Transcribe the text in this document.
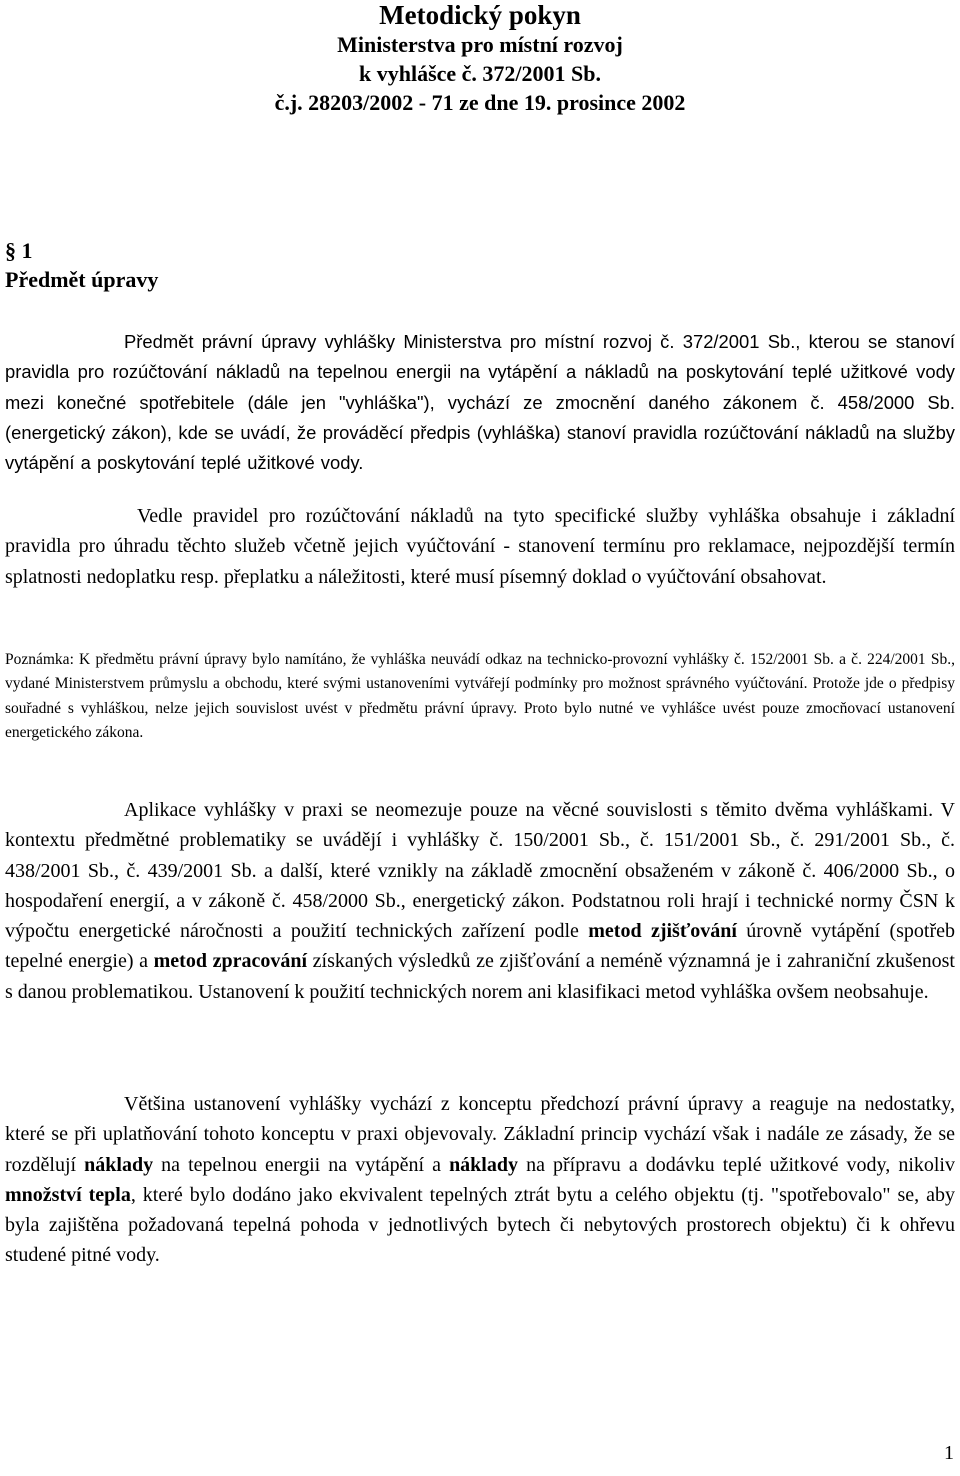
Metodický pokyn
Ministerstva pro místní rozvoj
k vyhlášce č. 372/2001 Sb.
č.j. 28203/2002 - 71 ze dne 19. prosince 2002
§ 1
Předmět úpravy

Předmět právní úpravy vyhlášky Ministerstva pro místní rozvoj č. 372/2001 Sb., kterou se stanoví pravidla pro rozúčtování nákladů na tepelnou energii na vytápění a nákladů na poskytování teplé užitkové vody mezi konečné spotřebitele (dále jen "vyhláška"), vychází ze zmocnění daného zákonem č. 458/2000 Sb. (energetický zákon), kde se uvádí, že prováděcí předpis (vyhláška) stanoví pravidla rozúčtování nákladů na služby vytápění a poskytování teplé užitkové vody.

Vedle pravidel pro rozúčtování nákladů na tyto specifické služby vyhláška obsahuje i základní pravidla pro úhradu těchto služeb včetně jejich vyúčtování - stanovení termínu pro reklamace, nejpozdější termín splatnosti nedoplatku resp. přeplatku a náležitosti, které musí písemný doklad o vyúčtování obsahovat.

Poznámka: K předmětu právní úpravy bylo namítáno, že vyhláška neuvádí odkaz na technicko-provozní vyhlášky č. 152/2001 Sb. a č. 224/2001 Sb., vydané Ministerstvem průmyslu a obchodu, které svými ustanoveními vytvářejí podmínky pro možnost správného vyúčtování. Protože jde o předpisy souřadné s vyhláškou, nelze jejich souvislost uvést v předmětu právní úpravy. Proto bylo nutné ve vyhlášce uvést pouze zmocňovací ustanovení energetického zákona.

Aplikace vyhlášky v praxi se neomezuje pouze na věcné souvislosti s těmito dvěma vyhláškami. V kontextu předmětné problematiky se uvádějí i vyhlášky č. 150/2001 Sb., č. 151/2001 Sb., č. 291/2001 Sb., č. 438/2001 Sb., č. 439/2001 Sb. a další, které vznikly na základě zmocnění obsaženém v zákoně č. 406/2000 Sb., o hospodaření energií, a v zákoně č. 458/2000 Sb., energetický zákon. Podstatnou roli hrají i technické normy ČSN k výpočtu energetické náročnosti a použití technických zařízení podle metod zjišťování úrovně vytápění (spotřeb tepelné energie) a metod zpracování získaných výsledků ze zjišťování a neméně významná je i zahraniční zkušenost s danou problematikou. Ustanovení k použití technických norem ani klasifikaci metod vyhláška ovšem neobsahuje.

Většina ustanovení vyhlášky vychází z konceptu předchozí právní úpravy a reaguje na nedostatky, které se při uplatňování tohoto konceptu v praxi objevovaly. Základní princip vychází však i nadále ze zásady, že se rozdělují náklady na tepelnou energii na vytápění a náklady na přípravu a dodávku teplé užitkové vody, nikoliv množství tepla, které bylo dodáno jako ekvivalent tepelných ztrát bytu a celého objektu (tj. "spotřebovalo" se, aby byla zajištěna požadovaná tepelná pohoda v jednotlivých bytech či nebytových prostorech objektu) či k ohřevu studené pitné vody.

1
